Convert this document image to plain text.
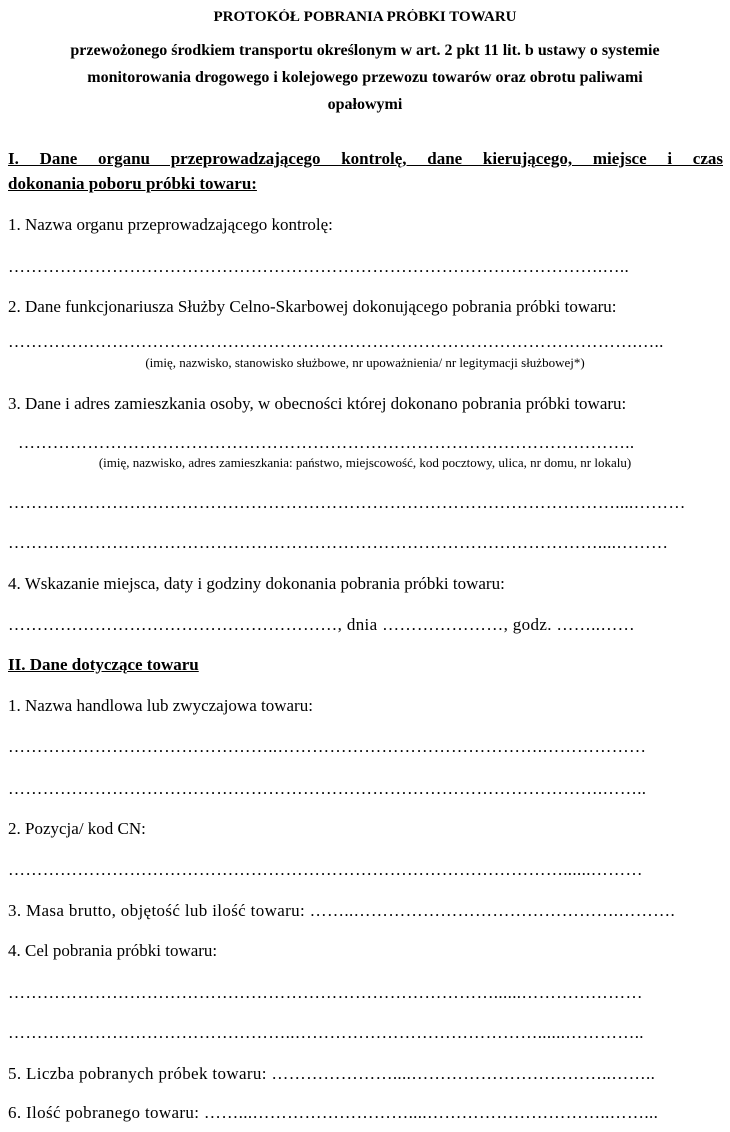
PROTOKÓŁ POBRANIA PRÓBKI TOWARU
przewożonego środkiem transportu określonym w art. 2 pkt 11 lit. b ustawy o systemie
monitorowania drogowego i kolejowego przewozu towarów oraz obrotu paliwami
opałowymi
I. Dane organu przeprowadzającego kontrolę, dane kierującego, miejsce i czas
dokonania poboru próbki towaru:
1. Nazwa organu przeprowadzającego kontrolę:
………………………………………………………………………………………….…..
2. Dane funkcjonariusza Służby Celno-Skarbowej dokonującego pobrania próbki towaru:
……………………………………………………………………………………………….…..
(imię, nazwisko, stanowisko służbowe, nr upoważnienia/ nr legitymacji służbowej*)
3. Dane i adres zamieszkania osoby, w obecności której dokonano pobrania próbki towaru:
……………………………………………………………………………………………..
(imię, nazwisko, adres zamieszkania: państwo, miejscowość, kod pocztowy, ulica, nr domu, nr lokalu)
……………………………………………………………………………………………....………
…………………………………………………………………………………………....………
4. Wskazanie miejsca, daty i godziny dokonania pobrania próbki towaru:
…………………………………………………, dnia …………………, godz. ……..……
II. Dane dotyczące towaru
1. Nazwa handlowa lub zwyczajowa towaru:
………………………………………..……………………………………….………………
………………………………………………………………………………………….……..
2. Pozycja/ kod CN:
……………………………………………………………………………………......………
3. Masa brutto, objętość lub ilość towaru: ……..……………………………………….……….
4. Cel pobrania próbki towaru:
…………………………………………………………………………......…………………
…………………………………………..……………………………………......…………..
5. Liczba pobranych próbek towaru: …………………....……………………………..……..
6. Ilość pobranego towaru: ……...………………………....…………………………..……...
